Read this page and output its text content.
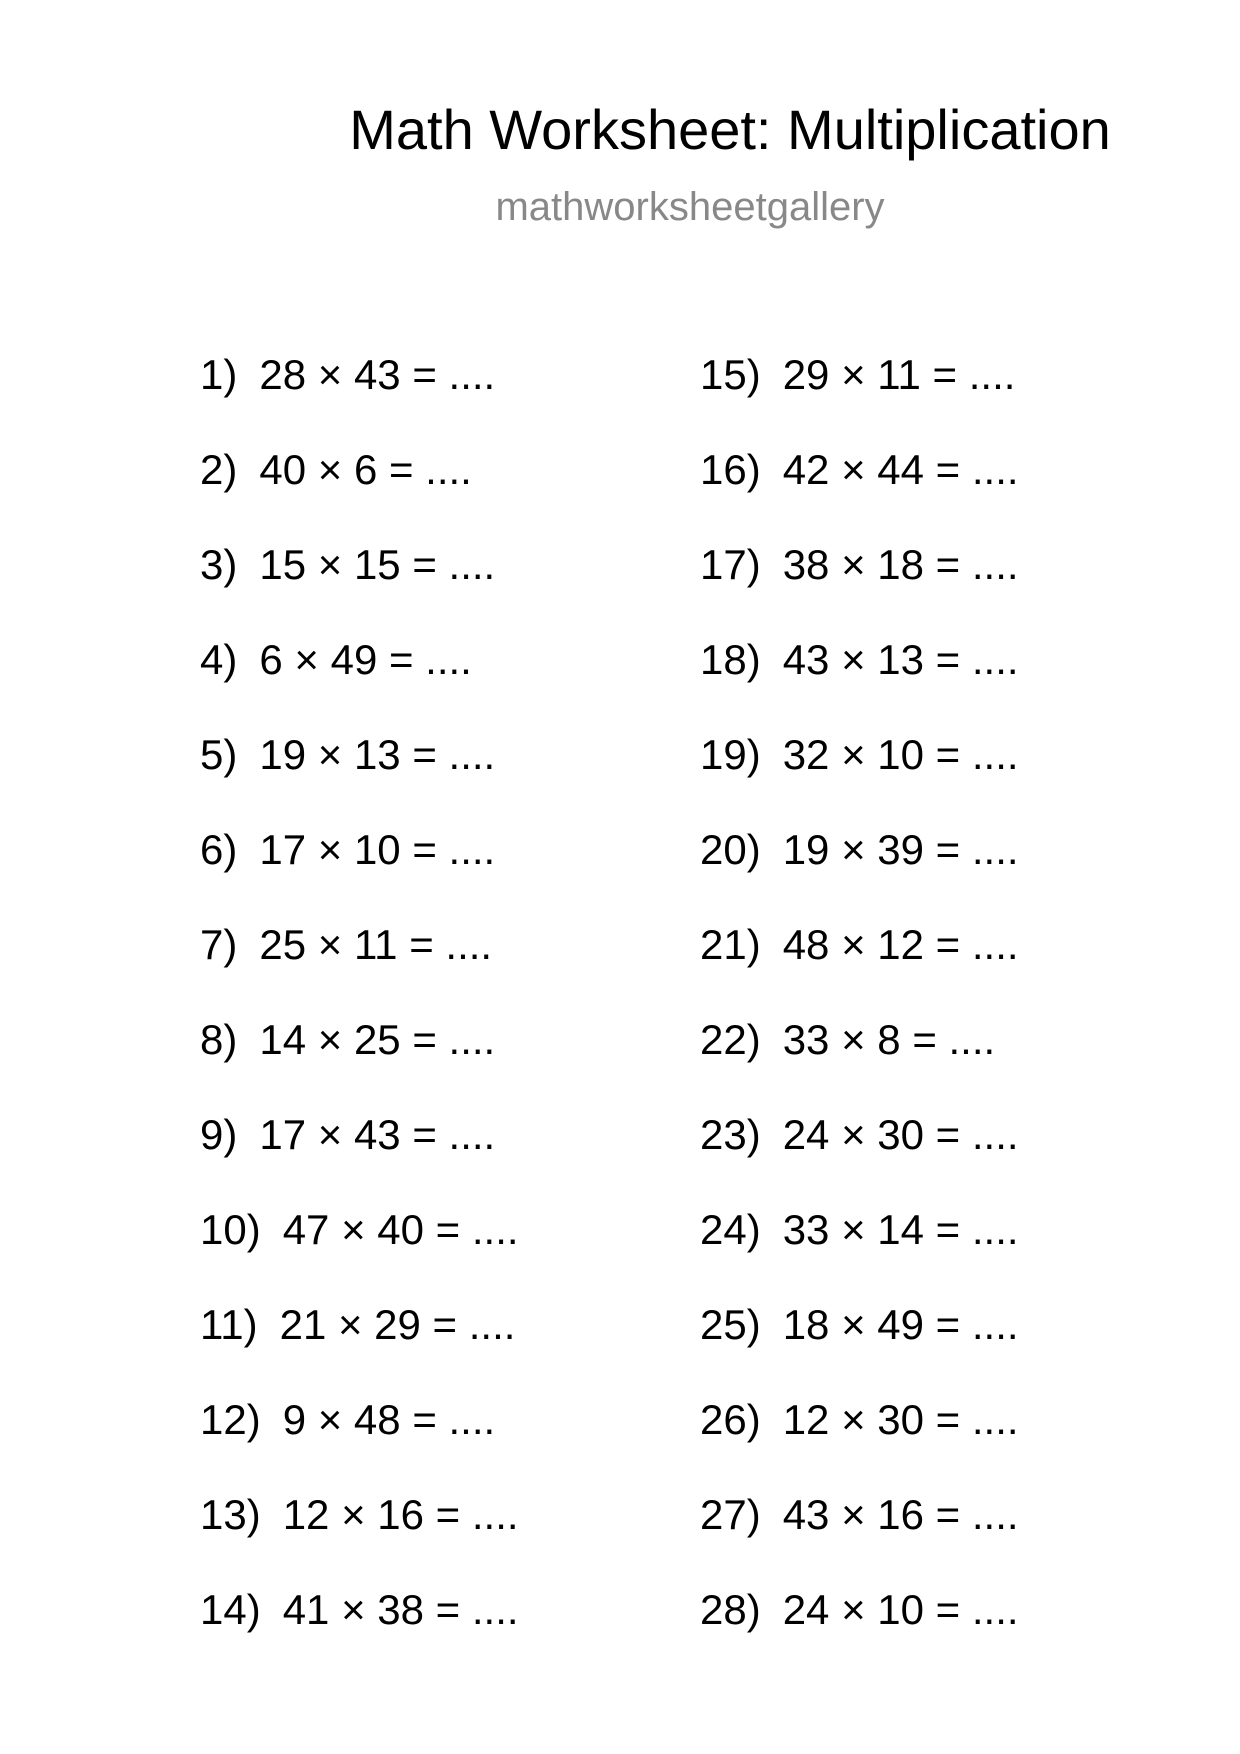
Math Worksheet: Multiplication
mathworksheetgallery
1) 28 × 43 = ....
2) 40 × 6 = ....
3) 15 × 15 = ....
4) 6 × 49 = ....
5) 19 × 13 = ....
6) 17 × 10 = ....
7) 25 × 11 = ....
8) 14 × 25 = ....
9) 17 × 43 = ....
10) 47 × 40 = ....
11) 21 × 29 = ....
12) 9 × 48 = ....
13) 12 × 16 = ....
14) 41 × 38 = ....
15) 29 × 11 = ....
16) 42 × 44 = ....
17) 38 × 18 = ....
18) 43 × 13 = ....
19) 32 × 10 = ....
20) 19 × 39 = ....
21) 48 × 12 = ....
22) 33 × 8 = ....
23) 24 × 30 = ....
24) 33 × 14 = ....
25) 18 × 49 = ....
26) 12 × 30 = ....
27) 43 × 16 = ....
28) 24 × 10 = ....
